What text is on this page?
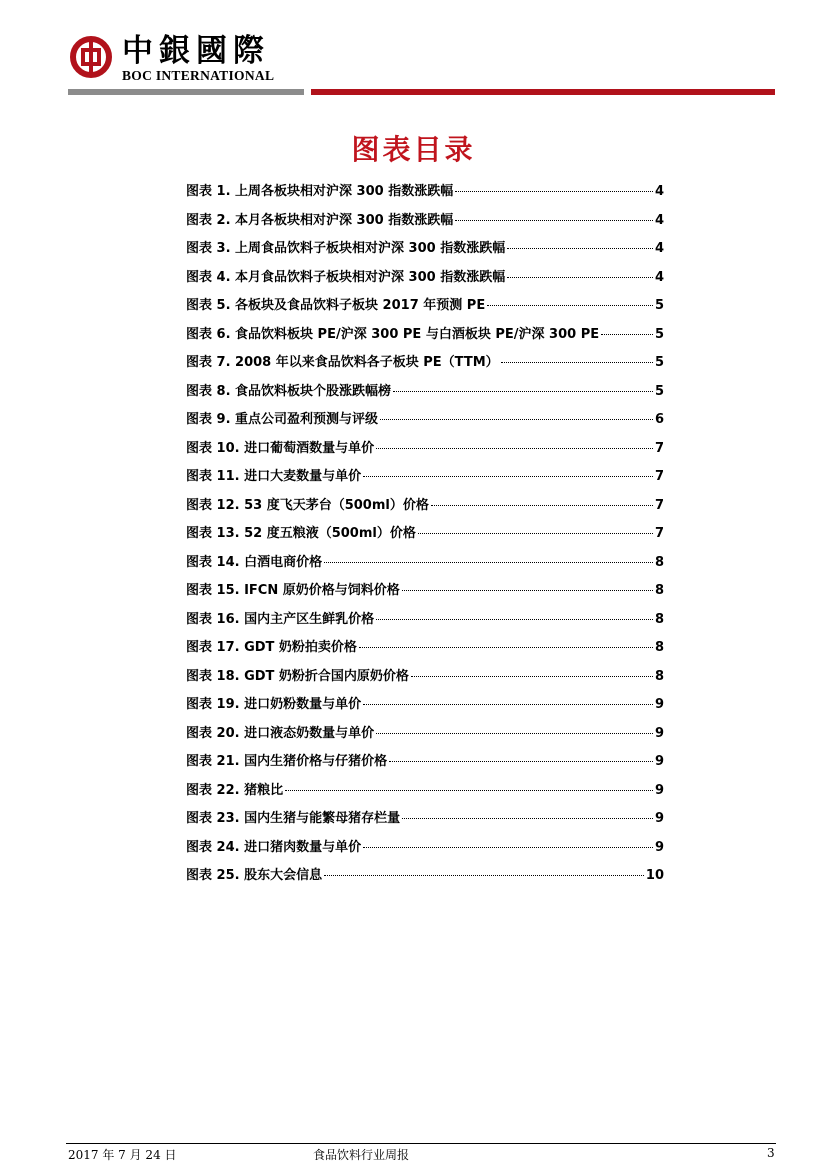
中銀國際
BOC INTERNATIONAL
图表目录
图表 1. 上周各板块相对沪深 300 指数涨跌幅	4
图表 2. 本月各板块相对沪深 300 指数涨跌幅	4
图表 3. 上周食品饮料子板块相对沪深 300 指数涨跌幅	4
图表 4. 本月食品饮料子板块相对沪深 300 指数涨跌幅	4
图表 5. 各板块及食品饮料子板块 2017 年预测 PE	5
图表 6. 食品饮料板块 PE/沪深 300 PE 与白酒板块 PE/沪深 300 PE	5
图表 7. 2008 年以来食品饮料各子板块 PE（TTM）	5
图表 8. 食品饮料板块个股涨跌幅榜	5
图表 9. 重点公司盈利预测与评级	6
图表 10. 进口葡萄酒数量与单价	7
图表 11. 进口大麦数量与单价	7
图表 12. 53 度飞天茅台（500ml）价格	7
图表 13. 52 度五粮液（500ml）价格	7
图表 14. 白酒电商价格	8
图表 15. IFCN 原奶价格与饲料价格	8
图表 16. 国内主产区生鲜乳价格	8
图表 17. GDT 奶粉拍卖价格	8
图表 18. GDT 奶粉折合国内原奶价格	8
图表 19. 进口奶粉数量与单价	9
图表 20. 进口液态奶数量与单价	9
图表 21. 国内生猪价格与仔猪价格	9
图表 22. 猪粮比	9
图表 23. 国内生猪与能繁母猪存栏量	9
图表 24. 进口猪肉数量与单价	9
图表 25. 股东大会信息	10
2017 年 7 月 24 日	食品饮料行业周报	3
